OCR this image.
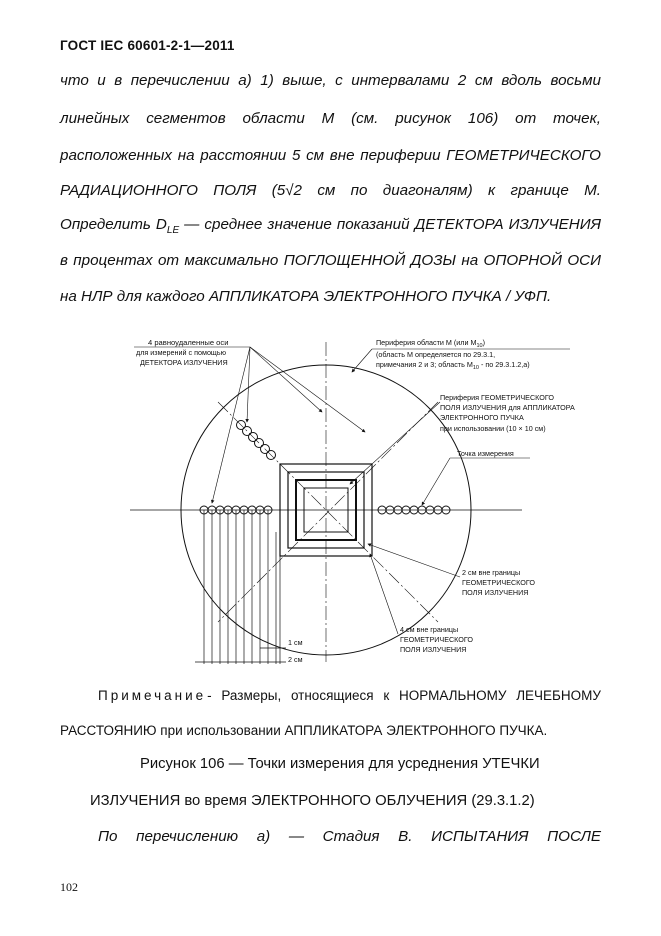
ГОСТ IEC 60601-2-1—2011
что и в перечислении а) 1) выше, с интервалами 2 см вдоль восьми
линейных сегментов области М (см. рисунок 106) от точек,
расположенных на расстоянии 5 см вне периферии ГЕОМЕТРИЧЕСКОГО
РАДИАЦИОННОГО ПОЛЯ (5√2 см по диагоналям) к границе М.
Определить $D_{LE}$ — среднее значение показаний ДЕТЕКТОРА ИЗЛУЧЕНИЯ
в процентах от максимально ПОГЛОЩЕННОЙ ДОЗЫ на ОПОРНОЙ ОСИ
на НЛР для каждого АППЛИКАТОРА ЭЛЕКТРОННОГО ПУЧКА / УФП.
1 см
2 см
4 равноудаленные оси
для измерений с помощью
ДЕТЕКТОРА ИЗЛУЧЕНИЯ
Периферия области М (или $М_{10}$)
(область М определяется по 29.3.1,
примечания 2 и 3; область $М_{10}$ - по 29.3.1.2,а)
Периферия ГЕОМЕТРИЧЕСКОГО
ПОЛЯ ИЗЛУЧЕНИЯ для АППЛИКАТОРА
ЭЛЕКТРОННОГО ПУЧКА
при использовании (10 × 10 см)
Точка измерения
2 см вне границы
ГЕОМЕТРИЧЕСКОГО
ПОЛЯ ИЗЛУЧЕНИЯ
4 см вне границы
ГЕОМЕТРИЧЕСКОГО
ПОЛЯ ИЗЛУЧЕНИЯ
Примечание - Размеры, относящиеся к НОРМАЛЬНОМУ ЛЕЧЕБНОМУ
РАССТОЯНИЮ при использовании АППЛИКАТОРА ЭЛЕКТРОННОГО ПУЧКА.
Рисунок 106 — Точки измерения для усреднения УТЕЧКИ
ИЗЛУЧЕНИЯ во время ЭЛЕКТРОННОГО ОБЛУЧЕНИЯ (29.3.1.2)
По перечислению а) — Стадия В. ИСПЫТАНИЯ ПОСЛЕ
102
